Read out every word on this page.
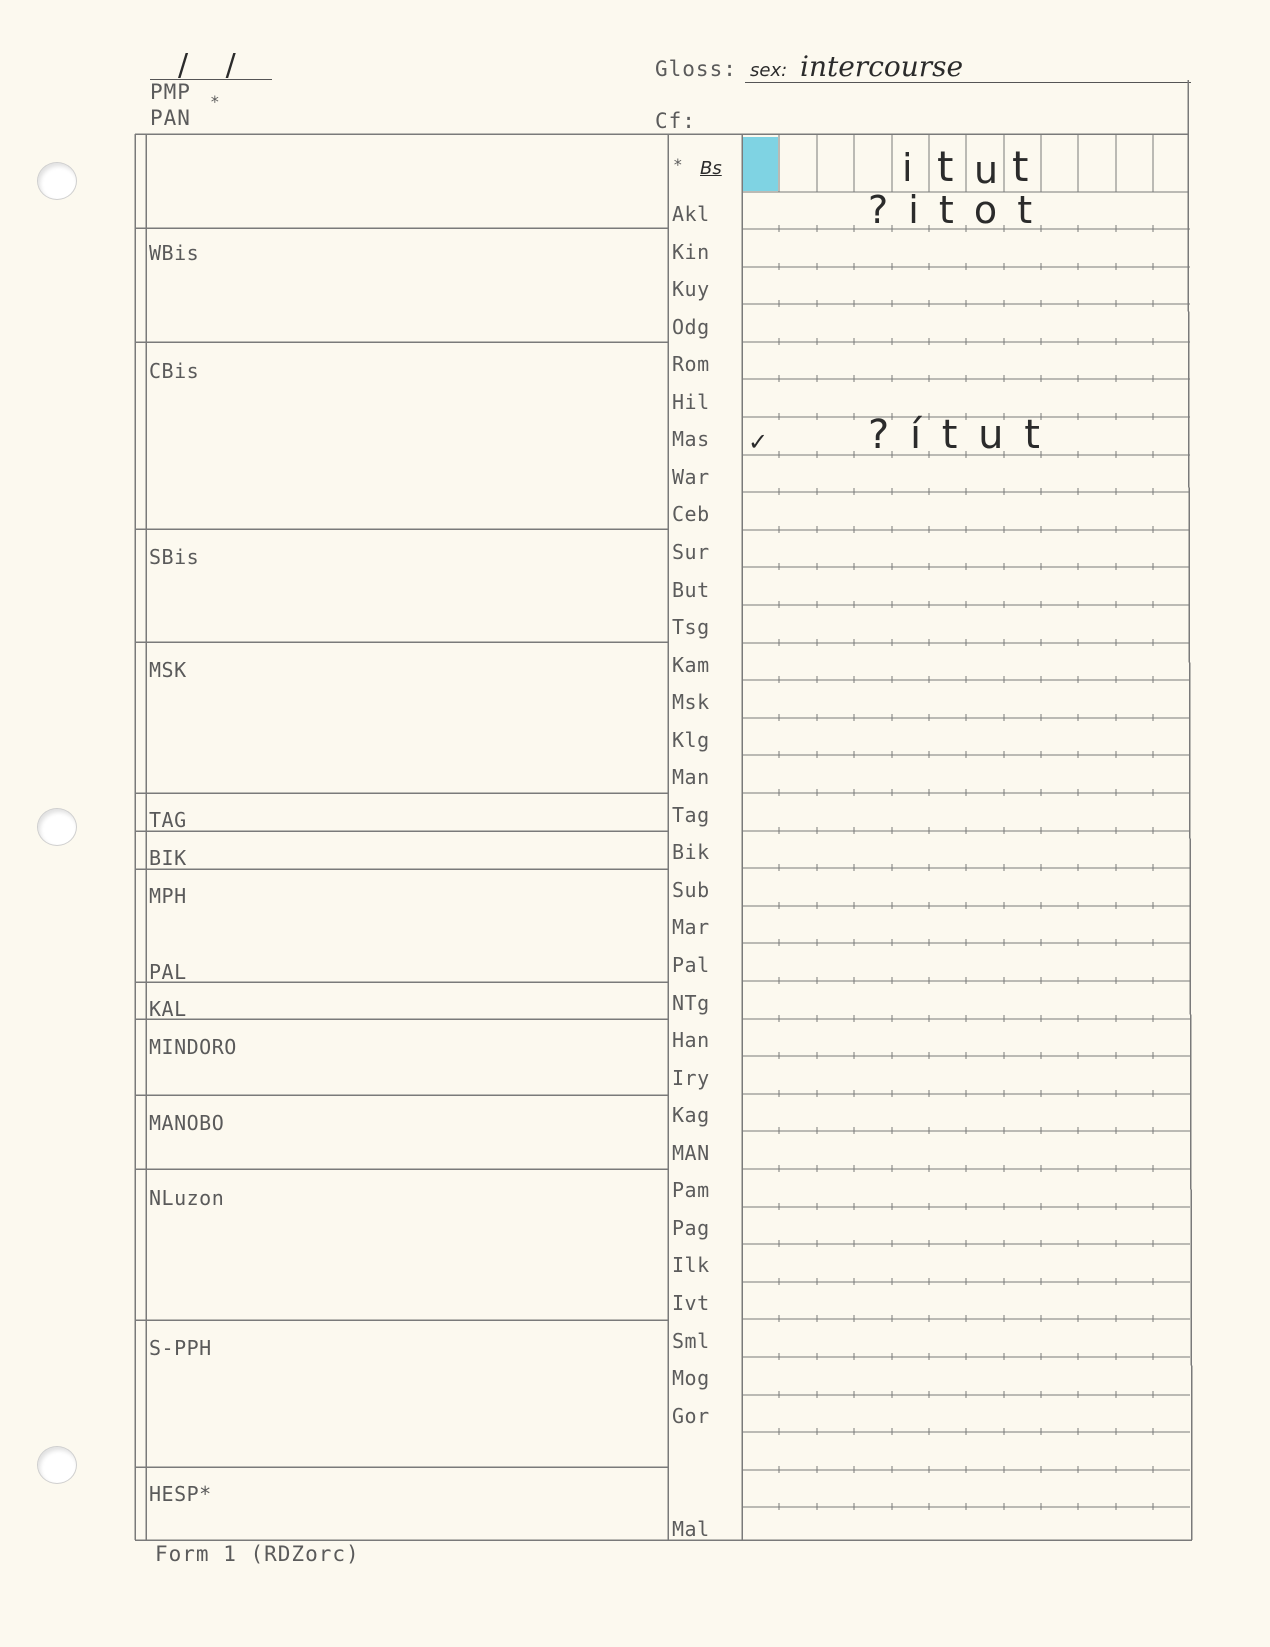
/ /
PMP *
PAN
Gloss: sex: intercourse
Cf:
* Bs	i t u t
WBis
CBis
SBis
MSK
TAG
BIK
MPH
PAL
KAL
MINDORO
MANOBO
NLuzon
S-PPH
HESP*
Akl
Kin
Kuy
Odg
Rom
Hil
Mas
War
Ceb
Sur
But
Tsg
Kam
Msk
Klg
Man
Tag
Bik
Sub
Mar
Pal
NTg
Han
Iry
Kag
MAN
Pam
Pag
Ilk
Ivt
Sml
Mog
Gor
Mal
? i t o t
✓ ? í t u t
Form 1 (RDZorc)
